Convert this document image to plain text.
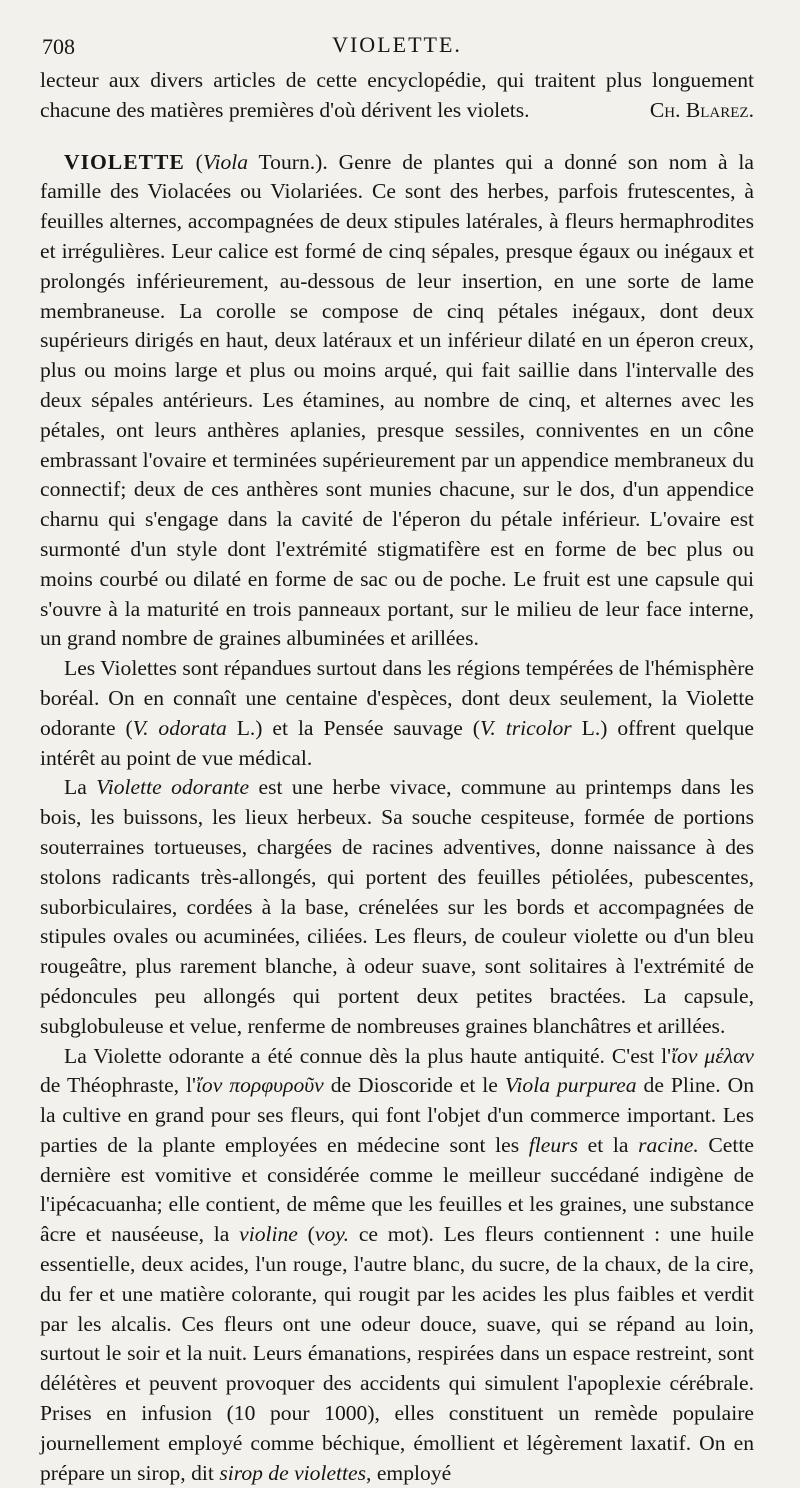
708	VIOLETTE.

lecteur aux divers articles de cette encyclopédie, qui traitent plus longuement chacune des matières premières d'où dérivent les violets.	Ch. Blarez.

VIOLETTE (Viola Tourn.). Genre de plantes qui a donné son nom à la famille des Violacées ou Violariées. Ce sont des herbes, parfois frutescentes, à feuilles alternes, accompagnées de deux stipules latérales, à fleurs hermaphrodites et irrégulières. Leur calice est formé de cinq sépales, presque égaux ou inégaux et prolongés inférieurement, au-dessous de leur insertion, en une sorte de lame membraneuse. La corolle se compose de cinq pétales inégaux, dont deux supérieurs dirigés en haut, deux latéraux et un inférieur dilaté en un éperon creux, plus ou moins large et plus ou moins arqué, qui fait saillie dans l'intervalle des deux sépales antérieurs. Les étamines, au nombre de cinq, et alternes avec les pétales, ont leurs anthères aplanies, presque sessiles, conniventes en un cône embrassant l'ovaire et terminées supérieurement par un appendice membraneux du connectif; deux de ces anthères sont munies chacune, sur le dos, d'un appendice charnu qui s'engage dans la cavité de l'éperon du pétale inférieur. L'ovaire est surmonté d'un style dont l'extrémité stigmatifère est en forme de bec plus ou moins courbé ou dilaté en forme de sac ou de poche. Le fruit est une capsule qui s'ouvre à la maturité en trois panneaux portant, sur le milieu de leur face interne, un grand nombre de graines albuminées et arillées.

Les Violettes sont répandues surtout dans les régions tempérées de l'hémisphère boréal. On en connaît une centaine d'espèces, dont deux seulement, la Violette odorante (V. odorata L.) et la Pensée sauvage (V. tricolor L.) offrent quelque intérêt au point de vue médical.

La Violette odorante est une herbe vivace, commune au printemps dans les bois, les buissons, les lieux herbeux. Sa souche cespiteuse, formée de portions souterraines tortueuses, chargées de racines adventives, donne naissance à des stolons radicants très-allongés, qui portent des feuilles pétiolées, pubescentes, suborbiculaires, cordées à la base, crénelées sur les bords et accompagnées de stipules ovales ou acuminées, ciliées. Les fleurs, de couleur violette ou d'un bleu rougeâtre, plus rarement blanche, à odeur suave, sont solitaires à l'extrémité de pédoncules peu allongés qui portent deux petites bractées. La capsule, subglobuleuse et velue, renferme de nombreuses graines blanchâtres et arillées.

La Violette odorante a été connue dès la plus haute antiquité. C'est l'ἴον μέλαν de Théophraste, l'ἴον πορφυροῦν de Dioscoride et le Viola purpurea de Pline. On la cultive en grand pour ses fleurs, qui font l'objet d'un commerce important. Les parties de la plante employées en médecine sont les fleurs et la racine. Cette dernière est vomitive et considérée comme le meilleur succédané indigène de l'ipécacuanha; elle contient, de même que les feuilles et les graines, une substance âcre et nauséeuse, la violine (voy. ce mot). Les fleurs contiennent : une huile essentielle, deux acides, l'un rouge, l'autre blanc, du sucre, de la chaux, de la cire, du fer et une matière colorante, qui rougit par les acides les plus faibles et verdit par les alcalis. Ces fleurs ont une odeur douce, suave, qui se répand au loin, surtout le soir et la nuit. Leurs émanations, respirées dans un espace restreint, sont délétères et peuvent provoquer des accidents qui simulent l'apoplexie cérébrale. Prises en infusion (10 pour 1000), elles constituent un remède populaire journellement employé comme béchique, émollient et légèrement laxatif. On en prépare un sirop, dit sirop de violettes, employé
